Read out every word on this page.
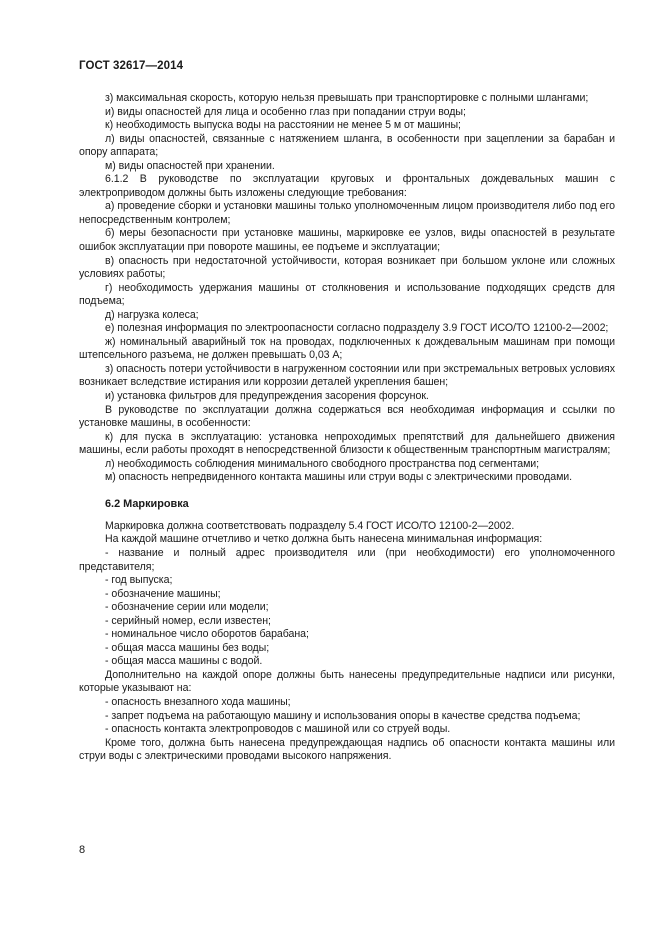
ГОСТ 32617—2014

з) максимальная скорость, которую нельзя превышать при транспортировке с полными шлангами;

и) виды опасностей для лица и особенно глаз при попадании струи воды;

к) необходимость выпуска воды на расстоянии не менее 5 м от машины;

л) виды опасностей, связанные с натяжением шланга, в особенности при зацеплении за барабан и опору аппарата;

м) виды опасностей при хранении.

6.1.2 В руководстве по эксплуатации круговых и фронтальных дождевальных машин с электроприводом должны быть изложены следующие требования:

а) проведение сборки и установки машины только уполномоченным лицом производителя либо под его непосредственным контролем;

б) меры безопасности при установке машины, маркировке ее узлов, виды опасностей в результате ошибок эксплуатации при повороте машины, ее подъеме и эксплуатации;

в) опасность при недостаточной устойчивости, которая возникает при большом уклоне или сложных условиях работы;

г) необходимость удержания машины от столкновения и использование подходящих средств для подъема;

д) нагрузка колеса;

е) полезная информация по электроопасности согласно подразделу 3.9 ГОСТ ИСО/ТО 12100-2—2002;

ж) номинальный аварийный ток на проводах, подключенных к дождевальным машинам при помощи штепсельного разъема, не должен превышать 0,03 А;

з) опасность потери устойчивости в нагруженном состоянии или при экстремальных ветровых условиях возникает вследствие истирания или коррозии деталей укрепления башен;

и) установка фильтров для предупреждения засорения форсунок.

В руководстве по эксплуатации должна содержаться вся необходимая информация и ссылки по установке машины, в особенности:

к) для пуска в эксплуатацию: установка непроходимых препятствий для дальнейшего движения машины, если работы проходят в непосредственной близости к общественным транспортным магистралям;

л) необходимость соблюдения минимального свободного пространства под сегментами;

м) опасность непредвиденного контакта машины или струи воды с электрическими проводами.

6.2 Маркировка

Маркировка должна соответствовать подразделу 5.4 ГОСТ ИСО/ТО 12100-2—2002.

На каждой машине отчетливо и четко должна быть нанесена минимальная информация:

- название и полный адрес производителя или (при необходимости) его уполномоченного представителя;

- год выпуска;

- обозначение машины;

- обозначение серии или модели;

- серийный номер, если известен;

- номинальное число оборотов барабана;

- общая масса машины без воды;

- общая масса машины с водой.

Дополнительно на каждой опоре должны быть нанесены предупредительные надписи или рисунки, которые указывают на:

- опасность внезапного хода машины;

- запрет подъема на работающую машину и использования опоры в качестве средства подъема;

- опасность контакта электропроводов с машиной или со струей воды.

Кроме того, должна быть нанесена предупреждающая надпись об опасности контакта машины или струи воды с электрическими проводами высокого напряжения.

8
